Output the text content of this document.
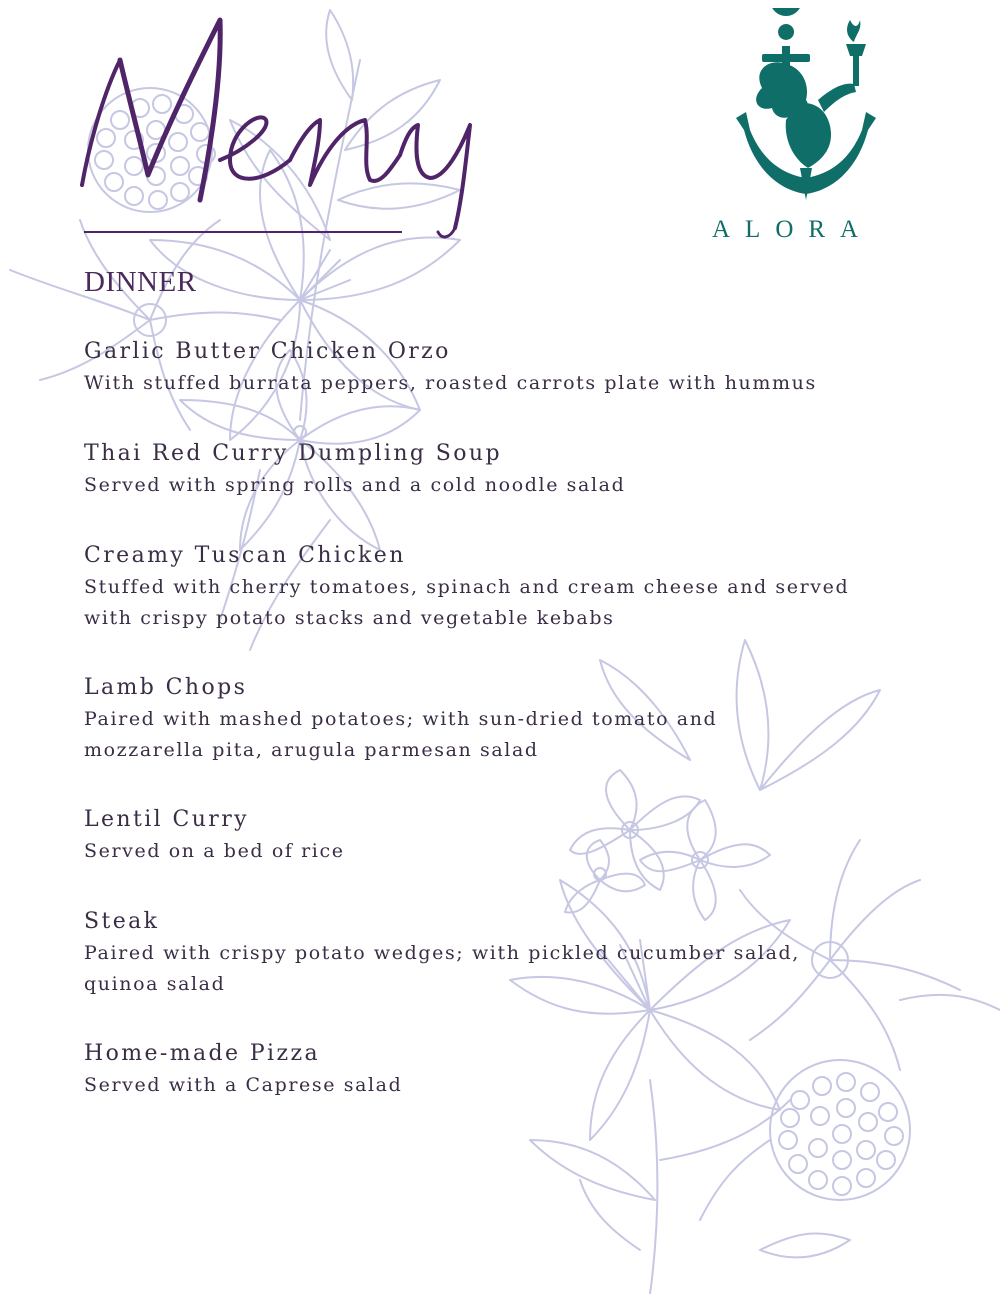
ALORA
DINNER
Garlic Butter Chicken Orzo
With stuffed burrata peppers, roasted carrots plate with hummus
Thai Red Curry Dumpling Soup
Served with spring rolls and a cold noodle salad
Creamy Tuscan Chicken
Stuffed with cherry tomatoes, spinach and cream cheese and served
with crispy potato stacks and vegetable kebabs
Lamb Chops
Paired with mashed potatoes; with sun-dried tomato and
mozzarella pita, arugula parmesan salad
Lentil Curry
Served on a bed of rice
Steak
Paired with crispy potato wedges; with pickled cucumber salad,
quinoa salad
Home-made Pizza
Served with a Caprese salad
